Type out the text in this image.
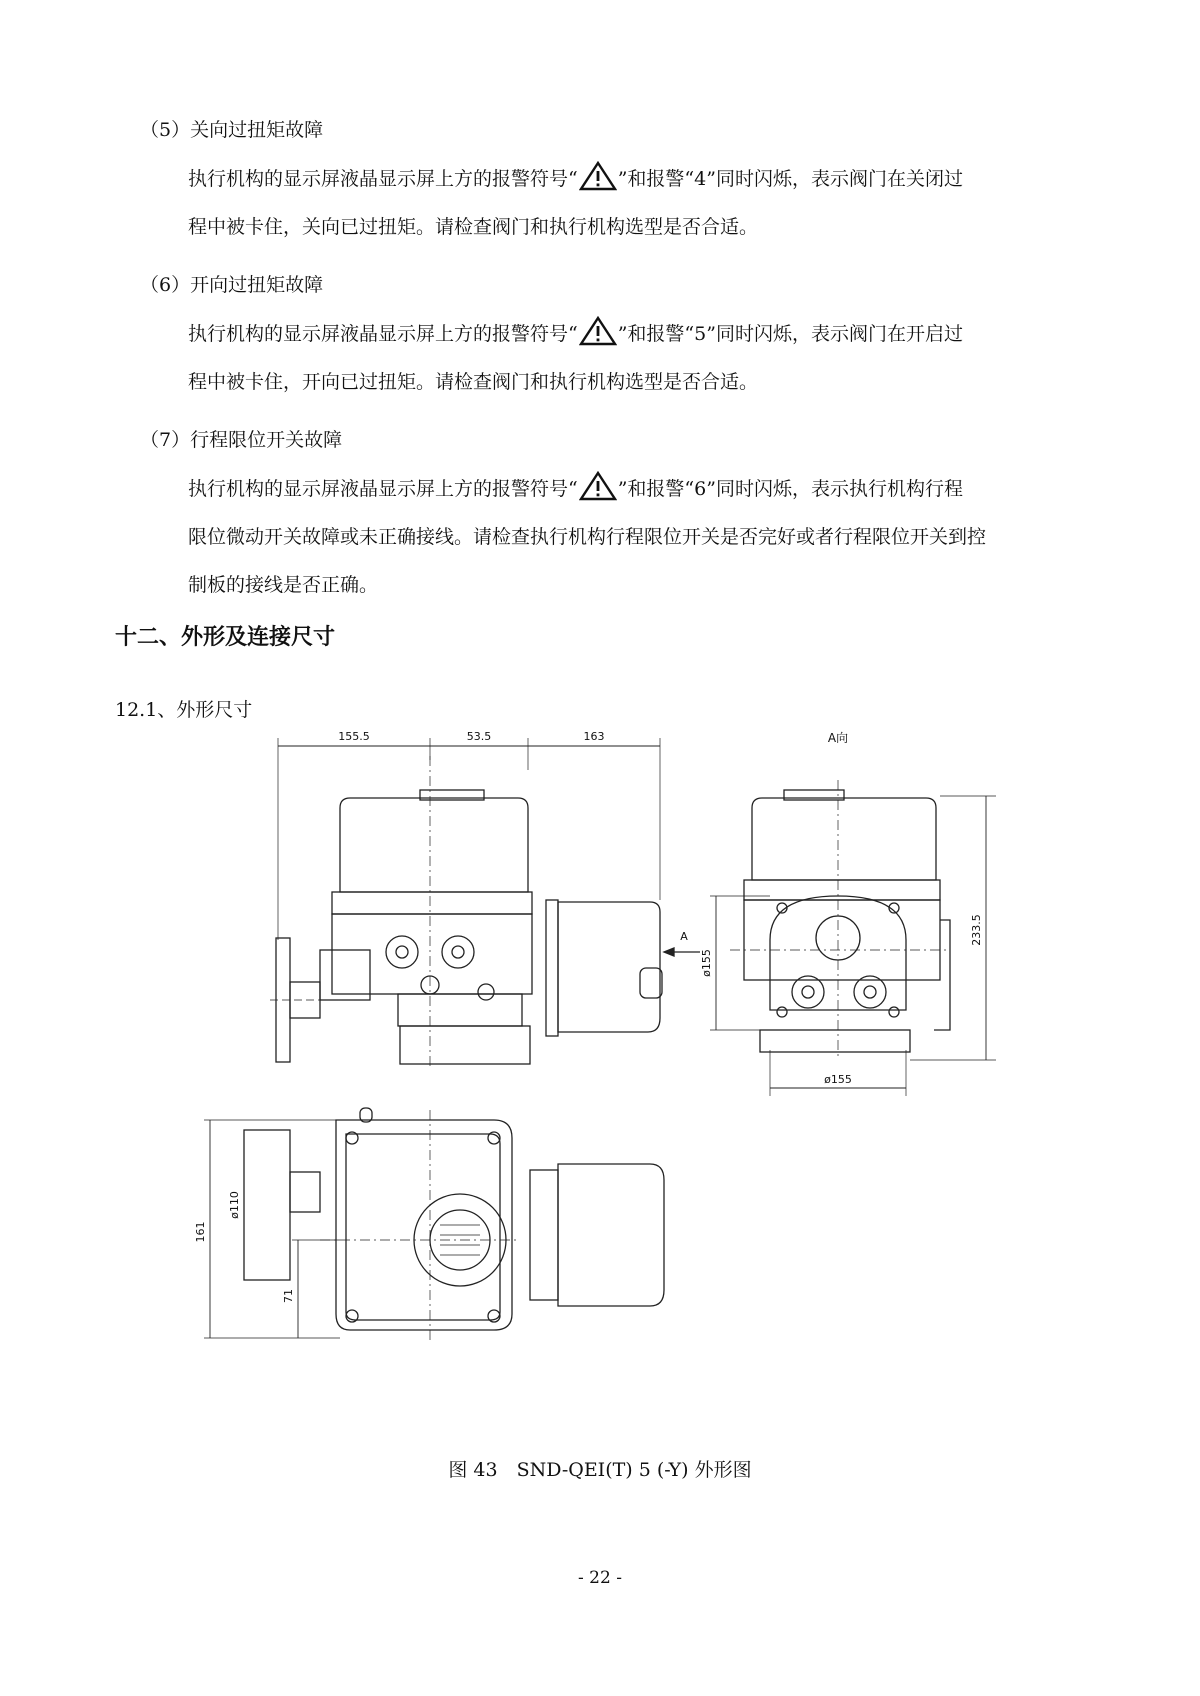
（5）关向过扭矩故障

执行机构的显示屏液晶显示屏上方的报警符号“ ”和报警“4”同时闪烁，表示阀门在关闭过

程中被卡住，关向已过扭矩。请检查阀门和执行机构选型是否合适。

（6）开向过扭矩故障

执行机构的显示屏液晶显示屏上方的报警符号“ ”和报警“5”同时闪烁，表示阀门在开启过

程中被卡住，开向已过扭矩。请检查阀门和执行机构选型是否合适。

（7）行程限位开关故障

执行机构的显示屏液晶显示屏上方的报警符号“ ”和报警“6”同时闪烁，表示执行机构行程

限位微动开关故障或未正确接线。请检查执行机构行程限位开关是否完好或者行程限位开关到控

制板的接线是否正确。

十二、外形及连接尺寸
12.1、外形尺寸
155.5	53.5	163
A
A向
233.5
ø155
ø155
161
ø110
71
图 43　SND-QEI(T) 5 (-Y) 外形图
- 22 -
